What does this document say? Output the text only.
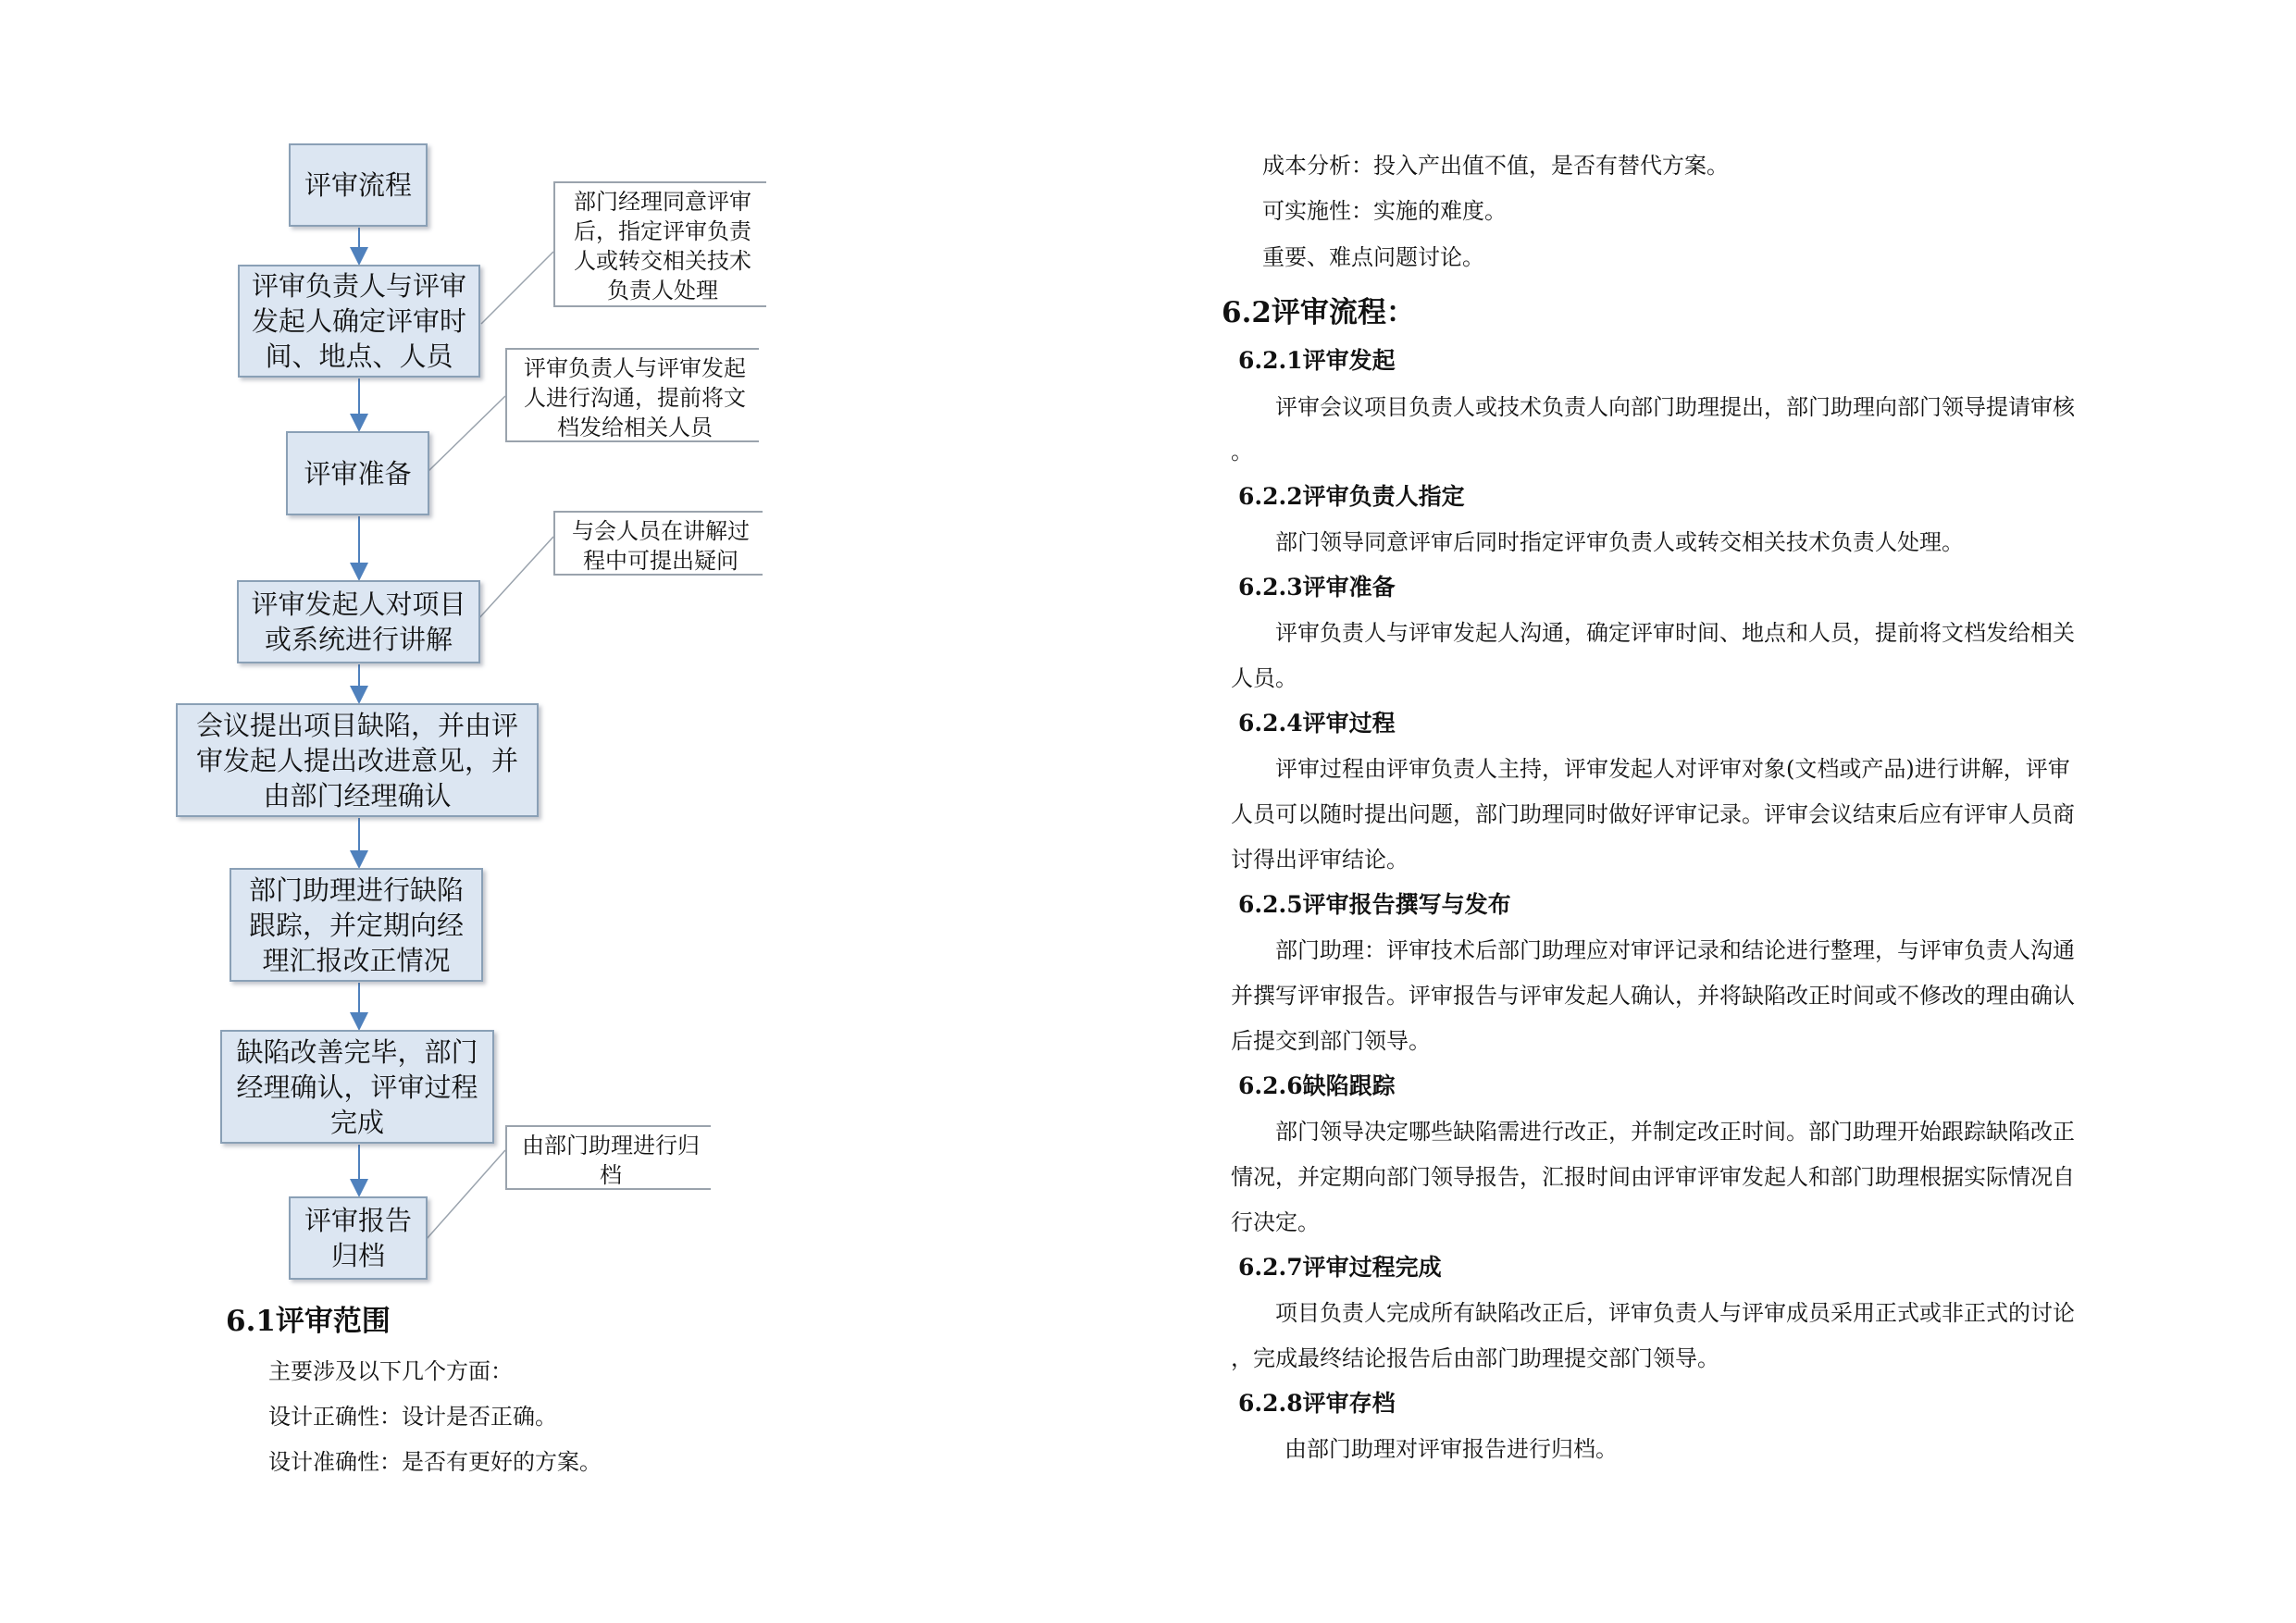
评审流程
评审负责人与评审发起人确定评审时间、地点、人员
评审准备
评审发起人对项目或系统进行讲解
会议提出项目缺陷，并由评审发起人提出改进意见，并由部门经理确认
部门助理进行缺陷跟踪，并定期向经理汇报改正情况
缺陷改善完毕，部门经理确认，评审过程完成
评审报告归档
部门经理同意评审后，指定评审负责人或转交相关技术负责人处理
评审负责人与评审发起人进行沟通，提前将文档发给相关人员
与会人员在讲解过程中可提出疑问
由部门助理进行归档
6.1评审范围
主要涉及以下几个方面：
设计正确性：设计是否正确。
设计准确性：是否有更好的方案。
成本分析：投入产出值不值，是否有替代方案。
可实施性：实施的难度。
重要、难点问题讨论。
6.2评审流程：
6.2.1评审发起
评审会议项目负责人或技术负责人向部门助理提出，部门助理向部门领导提请审核
。
6.2.2评审负责人指定
部门领导同意评审后同时指定评审负责人或转交相关技术负责人处理。
6.2.3评审准备
评审负责人与评审发起人沟通，确定评审时间、地点和人员，提前将文档发给相关
人员。
6.2.4评审过程
评审过程由评审负责人主持，评审发起人对评审对象(文档或产品)进行讲解，评审
人员可以随时提出问题，部门助理同时做好评审记录。评审会议结束后应有评审人员商
讨得出评审结论。
6.2.5评审报告撰写与发布
部门助理：评审技术后部门助理应对审评记录和结论进行整理，与评审负责人沟通
并撰写评审报告。评审报告与评审发起人确认，并将缺陷改正时间或不修改的理由确认
后提交到部门领导。
6.2.6缺陷跟踪
部门领导决定哪些缺陷需进行改正，并制定改正时间。部门助理开始跟踪缺陷改正
情况，并定期向部门领导报告，汇报时间由评审评审发起人和部门助理根据实际情况自
行决定。
6.2.7评审过程完成
项目负责人完成所有缺陷改正后，评审负责人与评审成员采用正式或非正式的讨论
，完成最终结论报告后由部门助理提交部门领导。
6.2.8评审存档
由部门助理对评审报告进行归档。
